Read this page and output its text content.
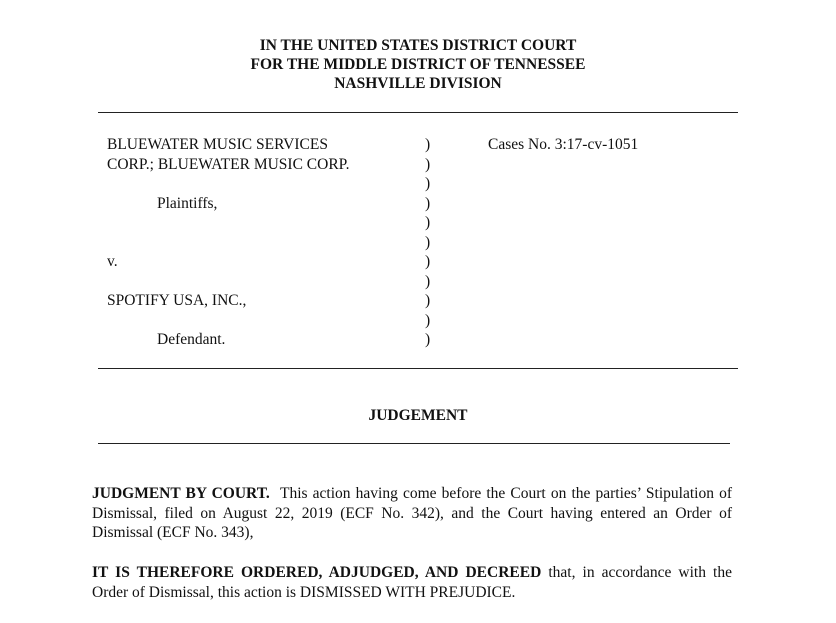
IN THE UNITED STATES DISTRICT COURT
FOR THE MIDDLE DISTRICT OF TENNESSEE
NASHVILLE DIVISION
BLUEWATER MUSIC SERVICES
CORP.; BLUEWATER MUSIC CORP.
Plaintiffs,
v.
SPOTIFY USA, INC.,
Defendant.
)
)
)
)
)
)
)
)
)
)
)
Cases No. 3:17-cv-1051
JUDGEMENT
JUDGMENT BY COURT. This action having come before the Court on the parties’ Stipulation of Dismissal, filed on August 22, 2019 (ECF No. 342), and the Court having entered an Order of Dismissal (ECF No. 343),
IT IS THEREFORE ORDERED, ADJUDGED, AND DECREED that, in accordance with the Order of Dismissal, this action is DISMISSED WITH PREJUDICE.
